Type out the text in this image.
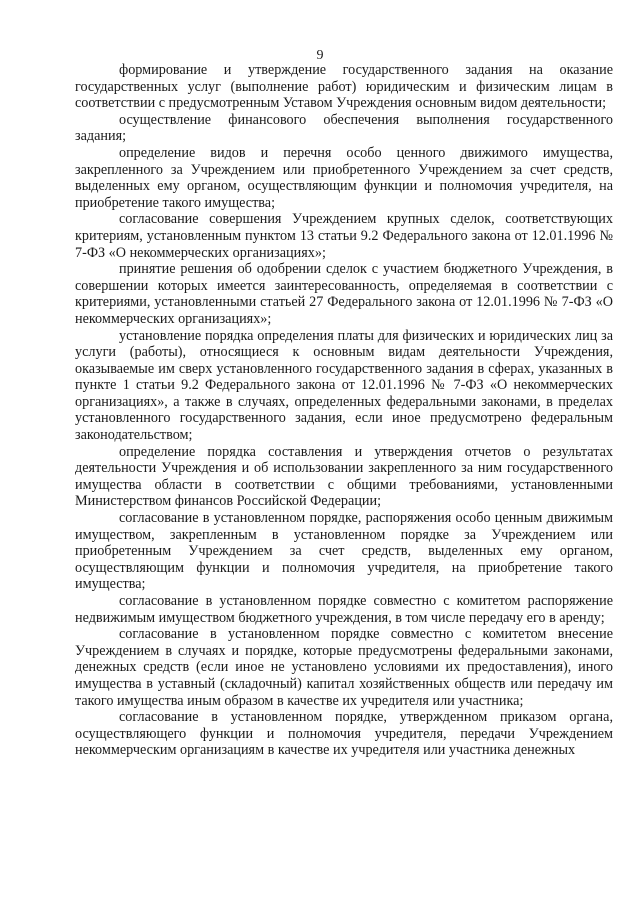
9

формирование и утверждение государственного задания на оказание государственных услуг (выполнение работ) юридическим и физическим лицам в соответствии с предусмотренным Уставом Учреждения основным видом деятельности;

осуществление финансового обеспечения выполнения государственного задания;

определение видов и перечня особо ценного движимого имущества, закрепленного за Учреждением или приобретенного Учреждением за счет средств, выделенных ему органом, осуществляющим функции и полномочия учредителя, на приобретение такого имущества;

согласование совершения Учреждением крупных сделок, соответствующих критериям, установленным пунктом 13 статьи 9.2 Федерального закона от 12.01.1996 № 7-ФЗ «О некоммерческих организациях»;

принятие решения об одобрении сделок с участием бюджетного Учреждения, в совершении которых имеется заинтересованность, определяемая в соответствии с критериями, установленными статьей 27 Федерального закона от 12.01.1996 № 7-ФЗ «О некоммерческих организациях»;

установление порядка определения платы для физических и юридических лиц за услуги (работы), относящиеся к основным видам деятельности Учреждения, оказываемые им сверх установленного государственного задания в сферах, указанных в пункте 1 статьи 9.2 Федерального закона от 12.01.1996 № 7-ФЗ «О некоммерческих организациях», а также в случаях, определенных федеральными законами, в пределах установленного государственного задания, если иное предусмотрено федеральным законодательством;

определение порядка составления и утверждения отчетов о результатах деятельности Учреждения и об использовании закрепленного за ним государственного имущества области в соответствии с общими требованиями, установленными Министерством финансов Российской Федерации;

согласование в установленном порядке, распоряжения особо ценным движимым имуществом, закрепленным в установленном порядке за Учреждением или приобретенным Учреждением за счет средств, выделенных ему органом, осуществляющим функции и полномочия учредителя, на приобретение такого имущества;

согласование в установленном порядке совместно с комитетом распоряжение недвижимым имуществом бюджетного учреждения, в том числе передачу его в аренду;

согласование в установленном порядке совместно с комитетом внесение Учреждением в случаях и порядке, которые предусмотрены федеральными законами, денежных средств (если иное не установлено условиями их предоставления), иного имущества в уставный (складочный) капитал хозяйственных обществ или передачу им такого имущества иным образом в качестве их учредителя или участника;

согласование в установленном порядке, утвержденном приказом органа, осуществляющего функции и полномочия учредителя, передачи Учреждением некоммерческим организациям в качестве их учредителя или участника денежных
